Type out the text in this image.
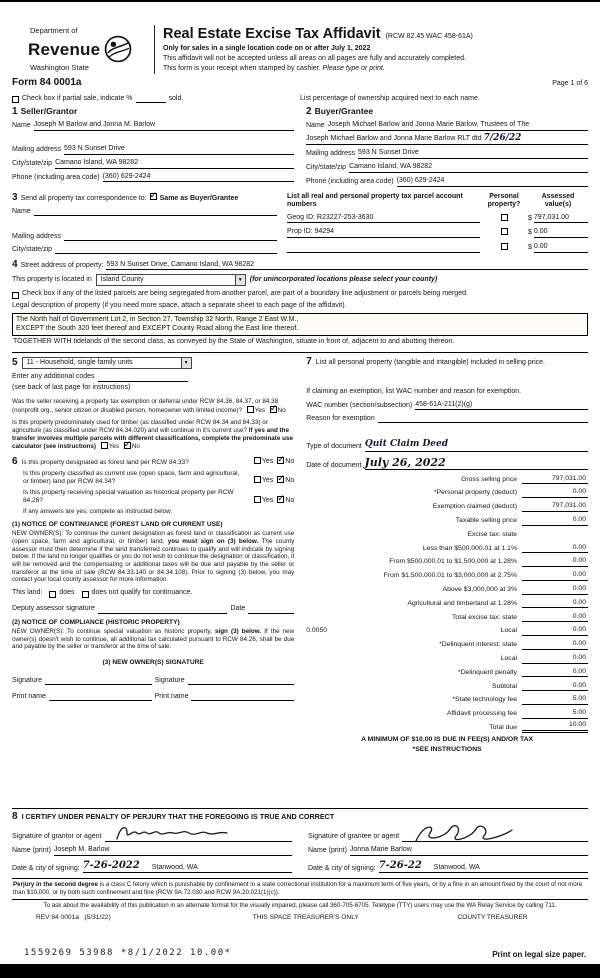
Department of
Revenue
Washington State
Real Estate Excise Tax Affidavit (RCW 82.45 WAC 458-61A)
Only for sales in a single location code on or after July 1, 2022
This affidavit will not be accepted unless all areas on all pages are fully and accurately completed.
This form is your receipt when stamped by cashier. Please type or print.
Form 84 0001a	Page 1 of 6
Check box if partial sale, indicate %	sold.	List percentage of ownership acquired next to each name.
1 Seller/Grantor
Name Joseph M Barlow and Jonna M. Barlow
Mailing address 593 N Sunset Drive
City/state/zip Camano Island, WA 98282
Phone (including area code) (360) 629-2424
2 Buyer/Grantee
Name Joseph Michael Barlow and Jonna Marie Barlow, Trustees of The
Joseph Michael Barlow and Jonna Marie Barlow RLT dtd 7/26/22
Mailing address 593 N Sunset Drive
City/state/zip Camano Island, WA 98282
Phone (including area code) (360) 629-2424
3 Send all property tax correspondence to: ✓ Same as Buyer/Grantee
Name
Mailing address
City/state/zip
List all real and personal property tax parcel account numbers
Personal property?
Assessed value(s)
Geog ID: R23227-253-3630	$ 797,031.00
Prop ID: 94294	$ 0.00
$ 0.00
4 Street address of property: 593 N Sunset Drive, Camano Island, WA 98282
This property is located in	Island County	▼ (for unincorporated locations please select your county)
Check box if any of the listed parcels are being segregated from another parcel, are part of a boundary line adjustment or parcels being merged.
Legal description of property (if you need more space, attach a separate sheet to each page of the affidavit).
The North half of Government Lot 2, in Section 27, Township 32 North, Range 2 East W.M.,
EXCEPT the South 320 feet thereof and EXCEPT County Road along the East line thereof.
TOGETHER WITH tidelands of the second class, as conveyed by the State of Washington, situate in front of, adjacent to and abutting thereon.
5	11 - Household, single family units	▼
Enter any additional codes
(see back of last page for instructions)
Was the seller receiving a property tax exemption or deferral under RCW 84.36, 84.37, or 84.38 (nonprofit org., senior citizen or disabled person, homeowner with limited income)? Yes ✓ No
Is this property predominately used for timber (as classified under RCW 84.34 and 84.33) or agriculture (as classified under RCW 84.34.020) and will continue in it's current use? If yes and the transfer involves multiple parcels with different classifications, complete the predominate use calculator (see instructions) Yes ✓ No
6 Is this property designated as forest land per RCW 84.33?	Yes ✓ No
Is this property classified as current use (open space, farm and agricultural, or timber) land per RCW 84.34?	Yes ✓ No
Is this property receiving special valuation as historical property per RCW 84.26?	Yes ✓ No
If any answers are yes, complete as instructed below.
(1) NOTICE OF CONTINUANCE (FOREST LAND OR CURRENT USE)
NEW OWNER(S): To continue the current designation as forest land or classification as current use (open space, farm and agricultural, or timber) land, you must sign on (3) below. The county assessor must then determine if the land transferred continues to qualify and will indicate by signing below. If the land no longer qualifies or you do not wish to continue the designation or classification, it will be removed and the compensating or additional taxes will be due and payable by the seller or transferor at the time of sale (RCW 84.33.140 or 84.34.108). Prior to signing (3) below, you may contact your local county assessor for more information.
This land: does does not qualify for continuance.
Deputy assessor signature	Date
(2) NOTICE OF COMPLIANCE (HISTORIC PROPERTY)
NEW OWNER(S): To continue special valuation as historic property, sign (3) below. If the new owner(s) doesn't wish to continue, all additional tax calculated pursuant to RCW 84.26, shall be due and payable by the seller or transferor at the time of sale.
(3) NEW OWNER(S) SIGNATURE
Signature	Signature
Print name	Print name
7 List all personal property (tangible and intangible) included in selling price.
If claiming an exemption, list WAC number and reason for exemption.
WAC number (section/subsection) 458-61A-211(2)(g)
Reason for exemption
Type of document Quit Claim Deed
Date of document July 26, 2022
Gross selling price	797,031.00
*Personal property (deduct)	0.00
Exemption claimed (deduct)	797,031.00
Taxable selling price	0.00
Excise tax: state
Less than $500,000.01 at 1.1%	0.00
From $500,000.01 to $1,500,000 at 1.28%	0.00
From $1,500,000.01 to $3,000,000 at 2.75%	0.00
Above $3,000,000 at 3%	0.00
Agricultural and timberland at 1.28%	0.00
Total excise tax: state	0.00
0.0050	Local	0.00
*Delinquent interest: state	0.00
Local	0.00
*Delinquent penalty	0.00
Subtotal	0.00
*State technology fee	5.00
Affidavit processing fee	5.00
Total due	10.00
A MINIMUM OF $10.00 IS DUE IN FEE(S) AND/OR TAX
*SEE INSTRUCTIONS
8 I CERTIFY UNDER PENALTY OF PERJURY THAT THE FOREGOING IS TRUE AND CORRECT
Signature of grantor or agent
Name (print) Joseph M. Barlow
Date & city of signing: 7-26-2022 Stanwood, WA
Signature of grantee or agent
Name (print) Jonna Marie Barlow
Date & city of signing: 7-26-22 Stanwood, WA
Perjury in the second degree is a class C felony which is punishable by confinement in a state correctional institution for a maximum term of five years, or by a fine in an amount fixed by the court of not more than $10,000, or by both such confinement and fine (RCW 9A.72.030 and RCW 9A.20.021(1)(c)).
To ask about the availability of this publication in an alternate format for the visually impaired, please call 360-705-6705. Teletype (TTY) users may use the WA Relay Service by calling 711.
REV 84 0001a (5/31/22)	THIS SPACE TREASURER'S ONLY	COUNTY TREASURER
1559269 53988 *8/1/2022 10.00*	Print on legal size paper.
